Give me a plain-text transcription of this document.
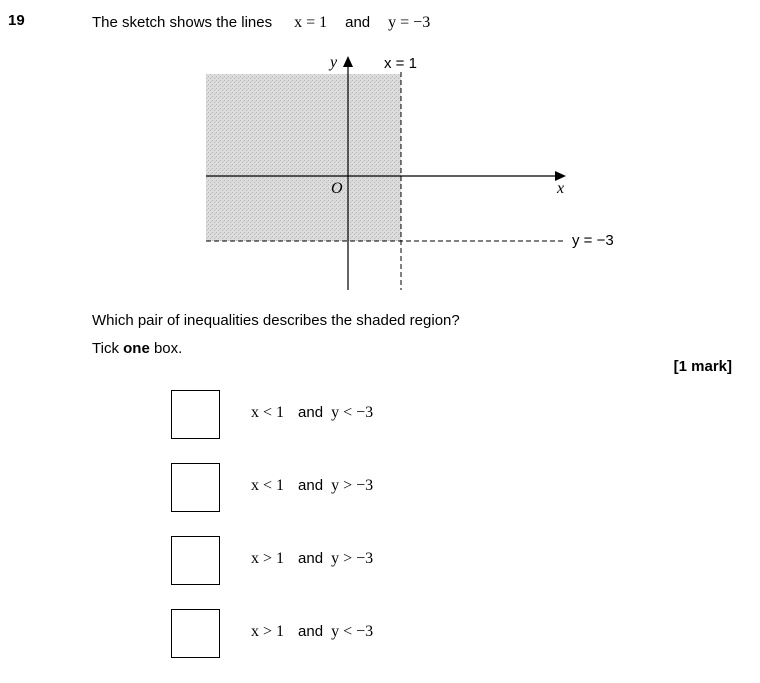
19	The sketch shows the lines x = 1 and y = −3
y
x
O
x = 1
y = −3
Which pair of inequalities describes the shaded region?
Tick one box.
[1 mark]
x < 1 and y < −3
x < 1 and y > −3
x > 1 and y > −3
x > 1 and y < −3
